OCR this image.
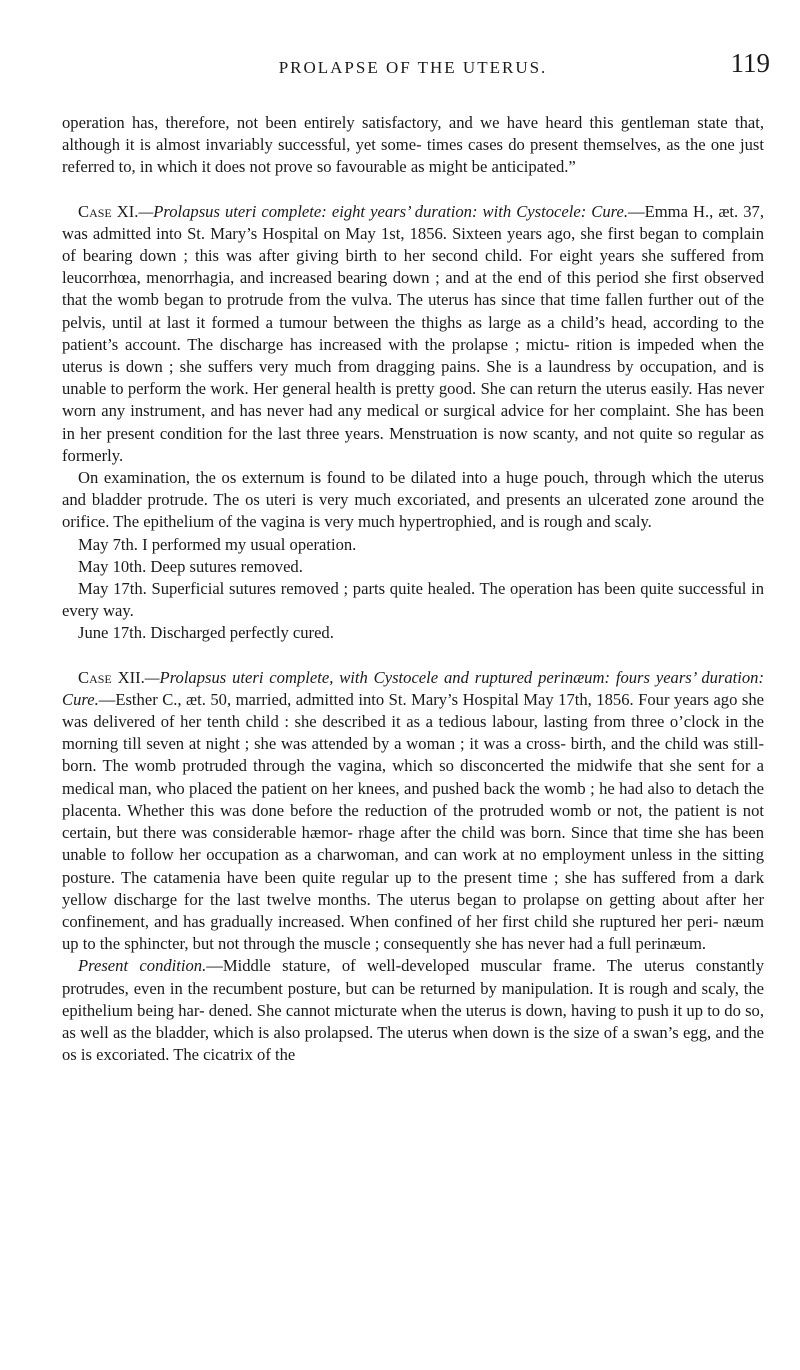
PROLAPSE OF THE UTERUS.	119

operation has, therefore, not been entirely satisfactory, and we have heard this gentleman state that, although it is almost invariably successful, yet some- times cases do present themselves, as the one just referred to, in which it does not prove so favourable as might be anticipated.”

Case XI.—Prolapsus uteri complete: eight years’ duration: with Cystocele: Cure.—Emma H., æt. 37, was admitted into St. Mary’s Hospital on May 1st, 1856. Sixteen years ago, she first began to complain of bearing down ; this was after giving birth to her second child. For eight years she suffered from leucorrhœa, menorrhagia, and increased bearing down ; and at the end of this period she first observed that the womb began to protrude from the vulva. The uterus has since that time fallen further out of the pelvis, until at last it formed a tumour between the thighs as large as a child’s head, according to the patient’s account. The discharge has increased with the prolapse ; mictu- rition is impeded when the uterus is down ; she suffers very much from dragging pains. She is a laundress by occupation, and is unable to perform the work. Her general health is pretty good. She can return the uterus easily. Has never worn any instrument, and has never had any medical or surgical advice for her complaint. She has been in her present condition for the last three years. Menstruation is now scanty, and not quite so regular as formerly.

On examination, the os externum is found to be dilated into a huge pouch, through which the uterus and bladder protrude. The os uteri is very much excoriated, and presents an ulcerated zone around the orifice. The epithelium of the vagina is very much hypertrophied, and is rough and scaly.

May 7th. I performed my usual operation.

May 10th. Deep sutures removed.

May 17th. Superficial sutures removed ; parts quite healed. The operation has been quite successful in every way.

June 17th. Discharged perfectly cured.

Case XII.—Prolapsus uteri complete, with Cystocele and ruptured perinæum: fours years’ duration: Cure.—Esther C., æt. 50, married, admitted into St. Mary’s Hospital May 17th, 1856. Four years ago she was delivered of her tenth child : she described it as a tedious labour, lasting from three o’clock in the morning till seven at night ; she was attended by a woman ; it was a cross- birth, and the child was still-born. The womb protruded through the vagina, which so disconcerted the midwife that she sent for a medical man, who placed the patient on her knees, and pushed back the womb ; he had also to detach the placenta. Whether this was done before the reduction of the protruded womb or not, the patient is not certain, but there was considerable hæmor- rhage after the child was born. Since that time she has been unable to follow her occupation as a charwoman, and can work at no employment unless in the sitting posture. The catamenia have been quite regular up to the present time ; she has suffered from a dark yellow discharge for the last twelve months. The uterus began to prolapse on getting about after her confinement, and has gradually increased. When confined of her first child she ruptured her peri- næum up to the sphincter, but not through the muscle ; consequently she has never had a full perinæum.

Present condition.—Middle stature, of well-developed muscular frame. The uterus constantly protrudes, even in the recumbent posture, but can be returned by manipulation. It is rough and scaly, the epithelium being har- dened. She cannot micturate when the uterus is down, having to push it up to do so, as well as the bladder, which is also prolapsed. The uterus when down is the size of a swan’s egg, and the os is excoriated. The cicatrix of the
